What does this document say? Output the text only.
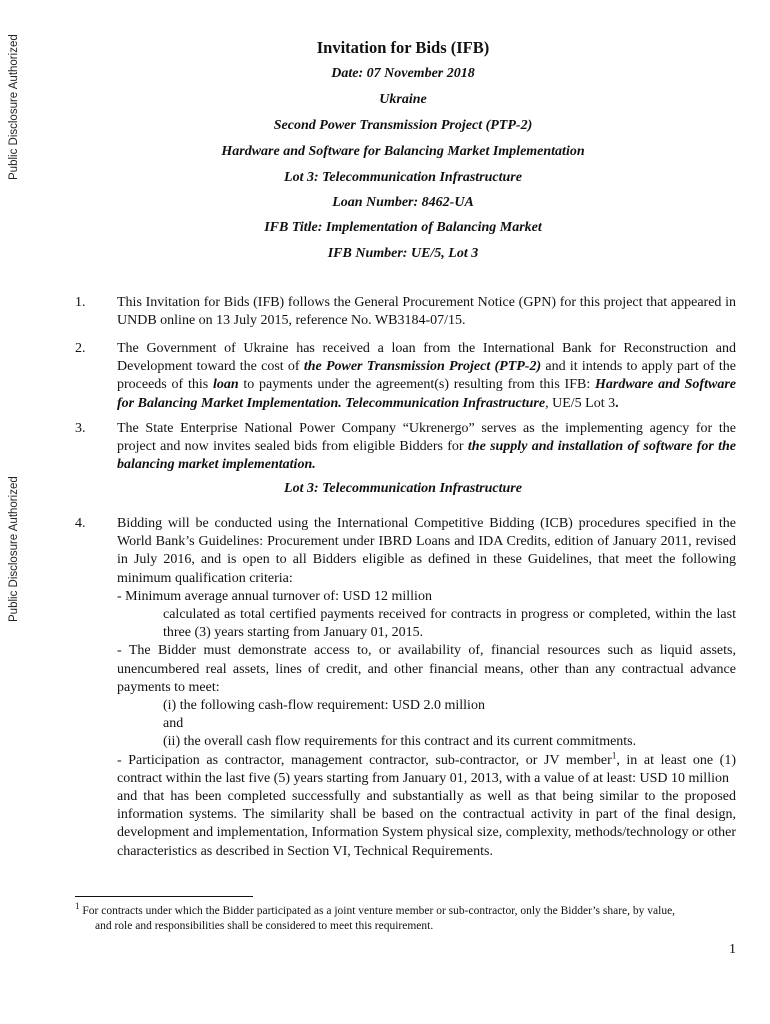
Public Disclosure Authorized
Public Disclosure Authorized
Invitation for Bids (IFB)
Date: 07 November 2018
Ukraine
Second Power Transmission Project (PTP-2)
Hardware and Software for Balancing Market Implementation
Lot 3: Telecommunication Infrastructure
Loan Number: 8462-UA
IFB Title: Implementation of Balancing Market
IFB Number: UE/5, Lot 3
1. This Invitation for Bids (IFB) follows the General Procurement Notice (GPN) for this project that appeared in UNDB online on 13 July 2015, reference No. WB3184-07/15.
2. The Government of Ukraine has received a loan from the International Bank for Reconstruction and Development toward the cost of the Power Transmission Project (PTP-2) and it intends to apply part of the proceeds of this loan to payments under the agreement(s) resulting from this IFB: Hardware and Software for Balancing Market Implementation. Telecommunication Infrastructure, UE/5 Lot 3.
3. The State Enterprise National Power Company “Ukrenergo” serves as the implementing agency for the project and now invites sealed bids from eligible Bidders for the supply and installation of software for the balancing market implementation.
Lot 3: Telecommunication Infrastructure
4. Bidding will be conducted using the International Competitive Bidding (ICB) procedures specified in the World Bank’s Guidelines: Procurement under IBRD Loans and IDA Credits, edition of January 2011, revised in July 2016, and is open to all Bidders eligible as defined in these Guidelines, that meet the following minimum qualification criteria:
- Minimum average annual turnover of: USD 12 million
calculated as total certified payments received for contracts in progress or completed, within the last three (3) years starting from January 01, 2015.
- The Bidder must demonstrate access to, or availability of, financial resources such as liquid assets, unencumbered real assets, lines of credit, and other financial means, other than any contractual advance payments to meet:
(i) the following cash-flow requirement: USD 2.0 million
and
(ii) the overall cash flow requirements for this contract and its current commitments.
- Participation as contractor, management contractor, sub-contractor, or JV member$^1$, in at least one (1) contract within the last five (5) years starting from January 01, 2013, with a value of at least: USD 10 million
and that has been completed successfully and substantially as well as that being similar to the proposed information systems. The similarity shall be based on the contractual activity in part of the final design, development and implementation, Information System physical size, complexity, methods/technology or other characteristics as described in Section VI, Technical Requirements.
$^1$ For contracts under which the Bidder participated as a joint venture member or sub-contractor, only the Bidder’s share, by value,
and role and responsibilities shall be considered to meet this requirement.
1
